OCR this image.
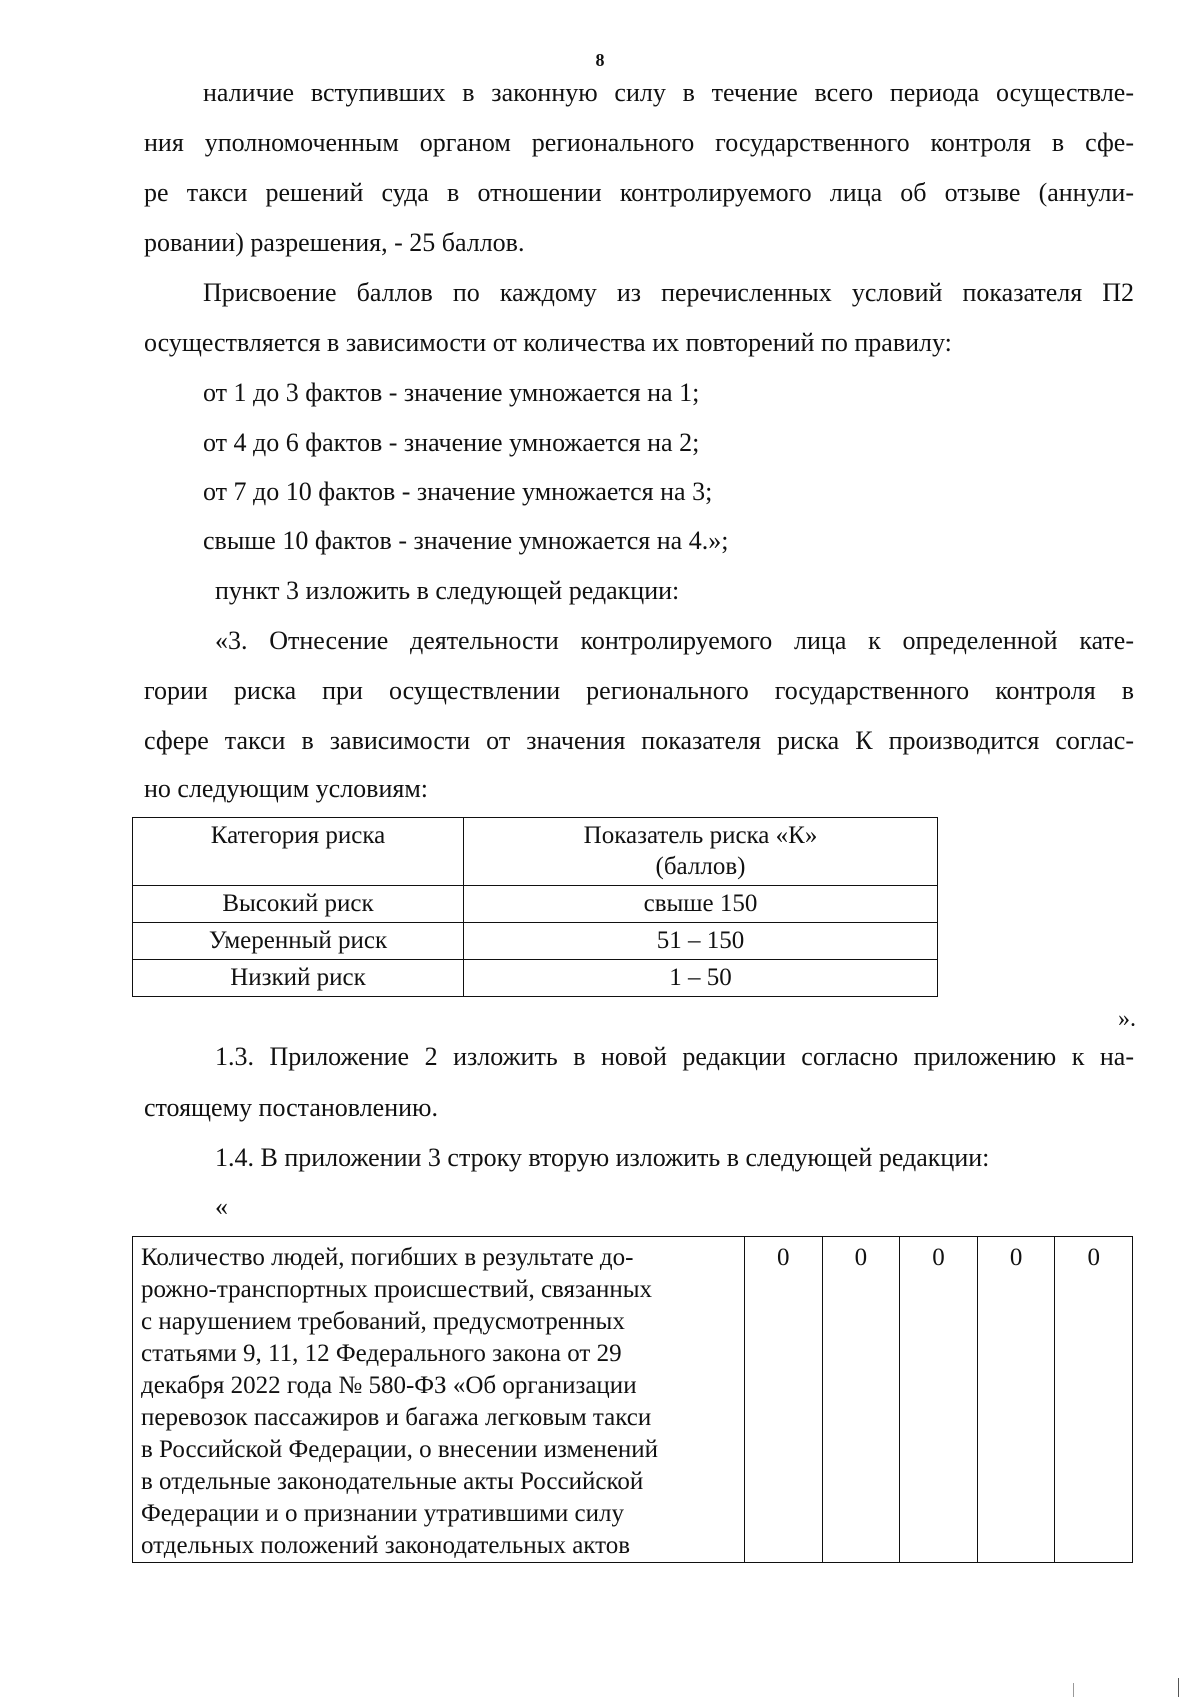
8
наличие вступивших в законную силу в течение всего периода осуществле-
ния уполномоченным органом регионального государственного контроля в сфе-
ре такси решений суда в отношении контролируемого лица об отзыве (аннули-
ровании) разрешения, - 25 баллов.
Присвоение баллов по каждому из перечисленных условий показателя П2
осуществляется в зависимости от количества их повторений по правилу:
от 1 до 3 фактов - значение умножается на 1;
от 4 до 6 фактов - значение умножается на 2;
от 7 до 10 фактов - значение умножается на 3;
свыше 10 фактов - значение умножается на 4.»;
пункт 3 изложить в следующей редакции:
«3. Отнесение деятельности контролируемого лица к определенной кате-
гории риска при осуществлении регионального государственного контроля в
сфере такси в зависимости от значения показателя риска К производится соглас-
но следующим условиям:
Категория риска	Показатель риска «К»
(баллов)
Высокий риск	свыше 150
Умеренный риск	51 – 150
Низкий риск	1 – 50
».
1.3. Приложение 2 изложить в новой редакции согласно приложению к на-
стоящему постановлению.
1.4. В приложении 3 строку вторую изложить в следующей редакции:
«
Количество людей, погибших в результате до-
рожно-транспортных происшествий, связанных
с нарушением требований, предусмотренных
статьями 9, 11, 12 Федерального закона от 29
декабря 2022 года № 580-ФЗ «Об организации
перевозок пассажиров и багажа легковым такси
в Российской Федерации, о внесении изменений
в отдельные законодательные акты Российской
Федерации и о признании утратившими силу
отдельных положений законодательных актов
	0	0	0	0	0
